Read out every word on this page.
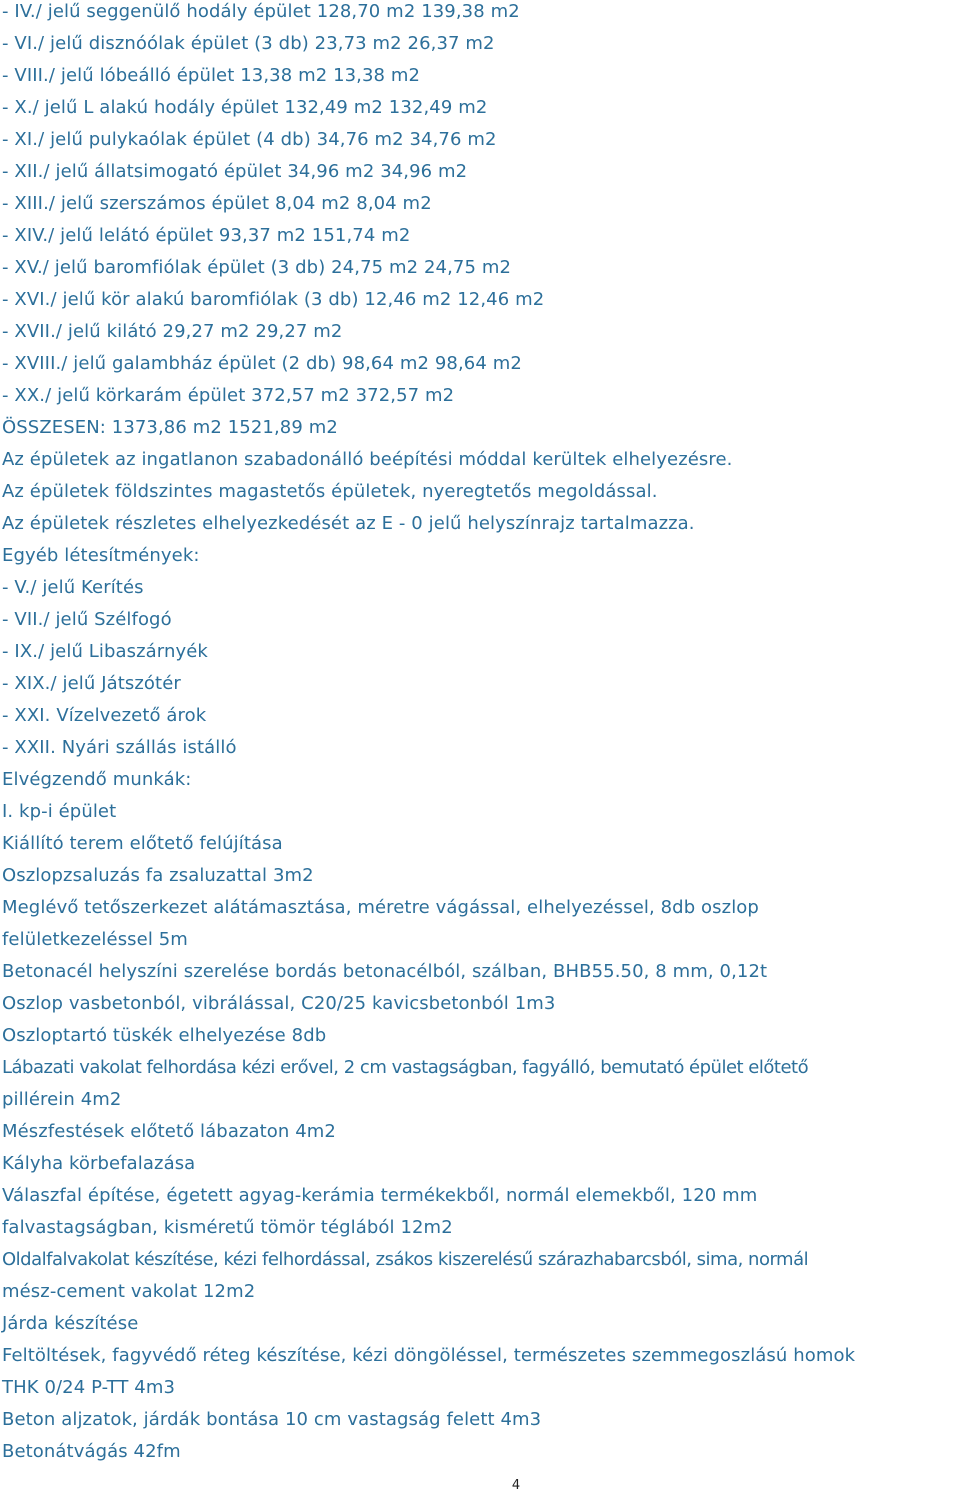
- IV./ jelű seggenülő hodály épület 128,70 m2 139,38 m2
- VI./ jelű disznóólak épület (3 db) 23,73 m2 26,37 m2
- VIII./ jelű lóbeálló épület 13,38 m2 13,38 m2
- X./ jelű L alakú hodály épület 132,49 m2 132,49 m2
- XI./ jelű pulykaólak épület (4 db) 34,76 m2 34,76 m2
- XII./ jelű állatsimogató épület 34,96 m2 34,96 m2
- XIII./ jelű szerszámos épület 8,04 m2 8,04 m2
- XIV./ jelű lelátó épület 93,37 m2 151,74 m2
- XV./ jelű baromfiólak épület (3 db) 24,75 m2 24,75 m2
- XVI./ jelű kör alakú baromfiólak (3 db) 12,46 m2 12,46 m2
- XVII./ jelű kilátó 29,27 m2 29,27 m2
- XVIII./ jelű galambház épület (2 db) 98,64 m2 98,64 m2
- XX./ jelű körkarám épület 372,57 m2 372,57 m2
ÖSSZESEN: 1373,86 m2 1521,89 m2
Az épületek az ingatlanon szabadonálló beépítési móddal kerültek elhelyezésre.
Az épületek földszintes magastetős épületek, nyeregtetős megoldással.
Az épületek részletes elhelyezkedését az E - 0 jelű helyszínrajz tartalmazza.
Egyéb létesítmények:
- V./ jelű Kerítés
- VII./ jelű Szélfogó
- IX./ jelű Libaszárnyék
- XIX./ jelű Játszótér
- XXI. Vízelvezető árok
- XXII. Nyári szállás istálló
Elvégzendő munkák:
I. kp-i épület
Kiállító terem előtető felújítása
Oszlopzsaluzás fa zsaluzattal 3m2
Meglévő tetőszerkezet alátámasztása, méretre vágással, elhelyezéssel, 8db oszlop
felületkezeléssel 5m
Betonacél helyszíni szerelése bordás betonacélból, szálban, BHB55.50, 8 mm, 0,12t
Oszlop vasbetonból, vibrálással, C20/25 kavicsbetonból 1m3
Oszloptartó tüskék elhelyezése 8db
Lábazati vakolat felhordása kézi erővel, 2 cm vastagságban, fagyálló, bemutató épület előtető
pillérein 4m2
Mészfestések előtető lábazaton 4m2
Kályha körbefalazása
Válaszfal építése, égetett agyag-kerámia termékekből, normál elemekből, 120 mm
falvastagságban, kisméretű tömör téglából 12m2
Oldalfalvakolat készítése, kézi felhordással, zsákos kiszerelésű szárazhabarcsból, sima, normál
mész-cement vakolat 12m2
Járda készítése
Feltöltések, fagyvédő réteg készítése, kézi döngöléssel, természetes szemmegoszlású homok
THK 0/24 P-TT 4m3
Beton aljzatok, járdák bontása 10 cm vastagság felett 4m3
Betonátvágás 42fm
4
